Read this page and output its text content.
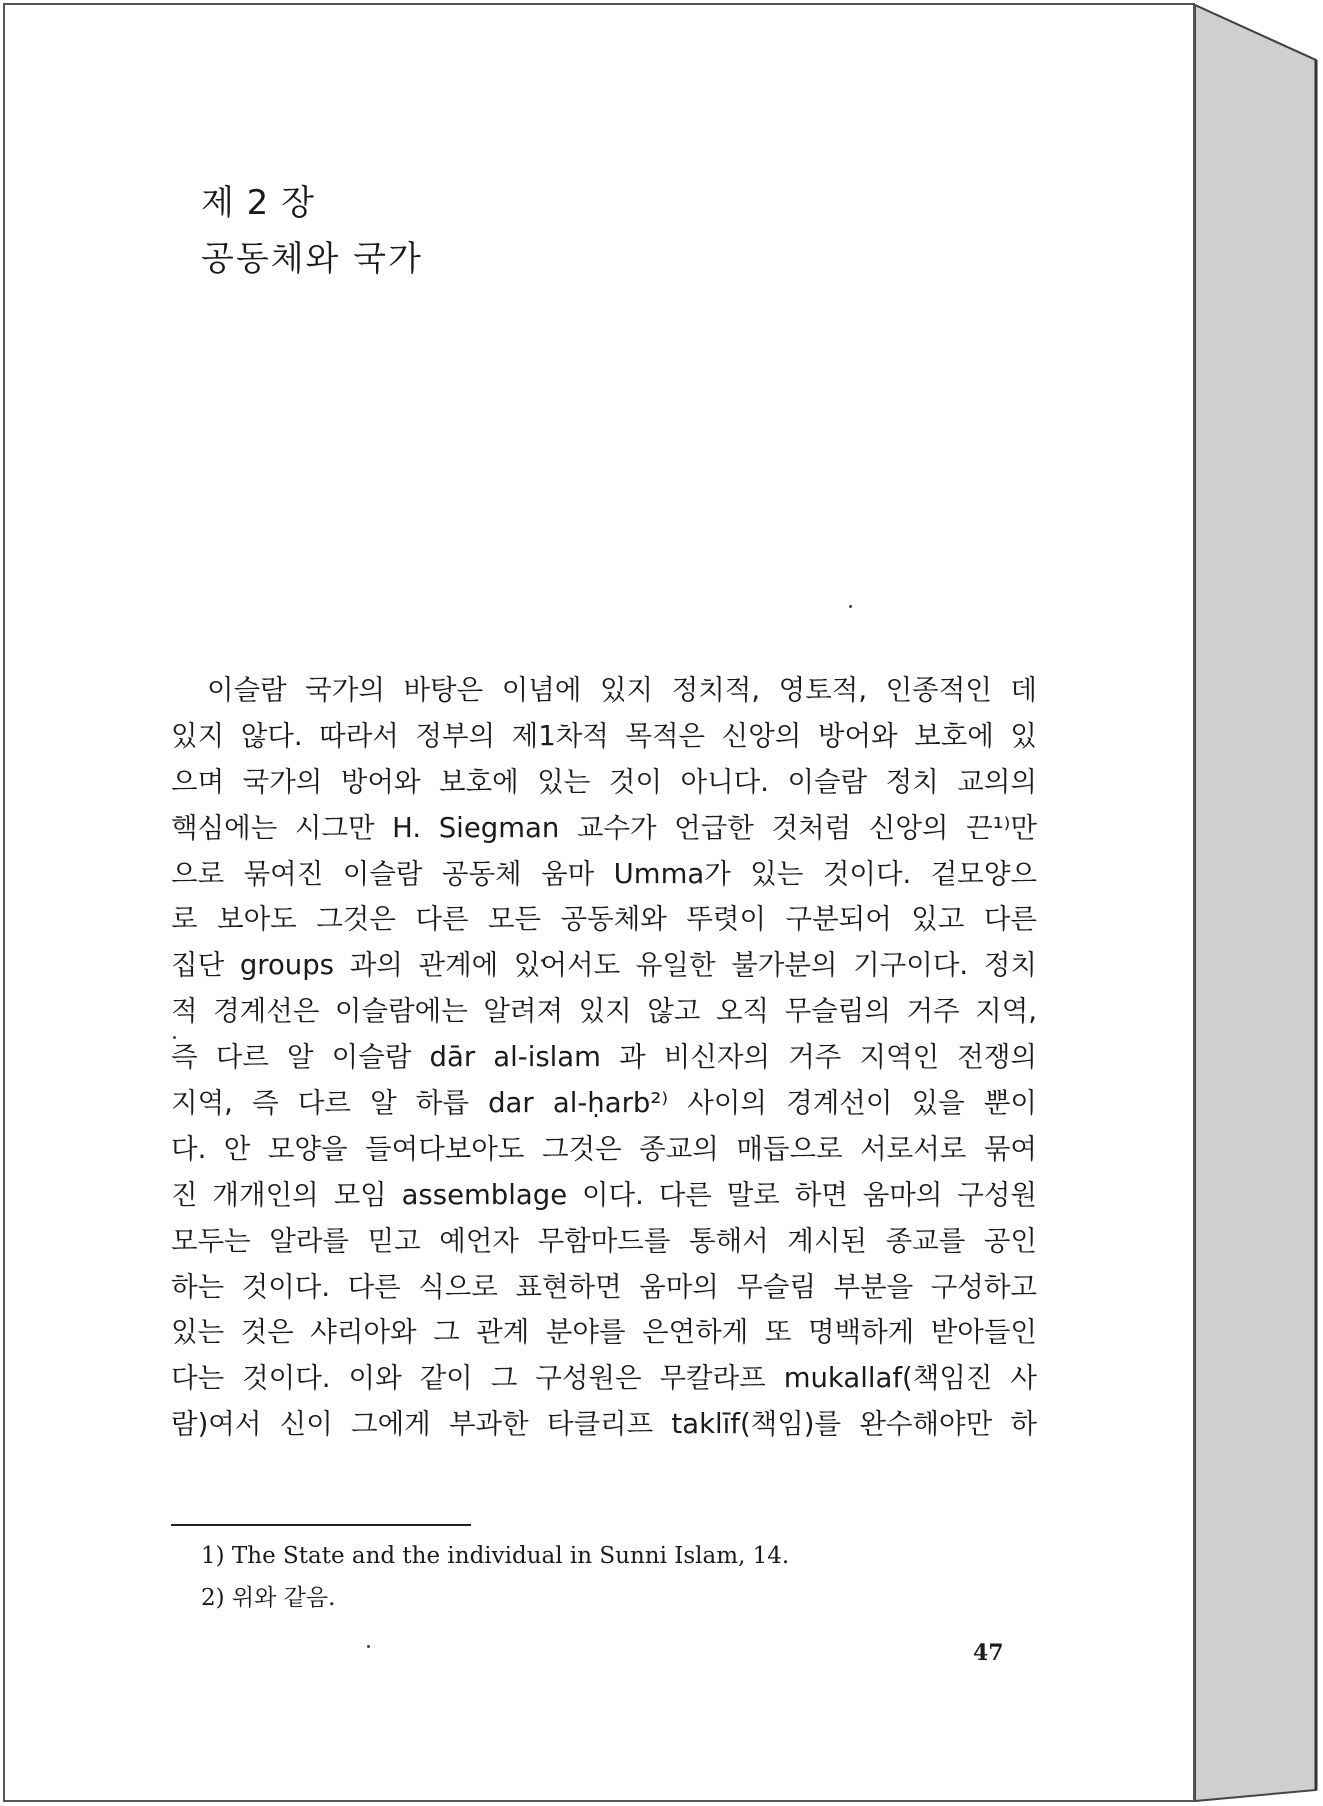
제 2 장
공동체와 국가
이슬람 국가의 바탕은 이념에 있지 정치적, 영토적, 인종적인 데
있지 않다. 따라서 정부의 제1차적 목적은 신앙의 방어와 보호에 있
으며 국가의 방어와 보호에 있는 것이 아니다. 이슬람 정치 교의의
핵심에는 시그만 H. Siegman 교수가 언급한 것처럼 신앙의 끈¹⁾만
으로 묶여진 이슬람 공동체 움마 Umma가 있는 것이다. 겉모양으
로 보아도 그것은 다른 모든 공동체와 뚜렷이 구분되어 있고 다른
집단 groups 과의 관계에 있어서도 유일한 불가분의 기구이다. 정치
적 경계선은 이슬람에는 알려져 있지 않고 오직 무슬림의 거주 지역,
즉 다르 알 이슬람 dār al-islam 과 비신자의 거주 지역인 전쟁의
지역, 즉 다르 알 하릅 dar al-ḥarb²⁾ 사이의 경계선이 있을 뿐이
다. 안 모양을 들여다보아도 그것은 종교의 매듭으로 서로서로 묶여
진 개개인의 모임 assemblage 이다. 다른 말로 하면 움마의 구성원
모두는 알라를 믿고 예언자 무함마드를 통해서 계시된 종교를 공인
하는 것이다. 다른 식으로 표현하면 움마의 무슬림 부분을 구성하고
있는 것은 샤리아와 그 관계 분야를 은연하게 또 명백하게 받아들인
다는 것이다. 이와 같이 그 구성원은 무칼라프 mukallaf(책임진 사
람)여서 신이 그에게 부과한 타클리프 taklīf(책임)를 완수해야만 하
1) The State and the individual in Sunni Islam, 14.
2) 위와 같음.
47
